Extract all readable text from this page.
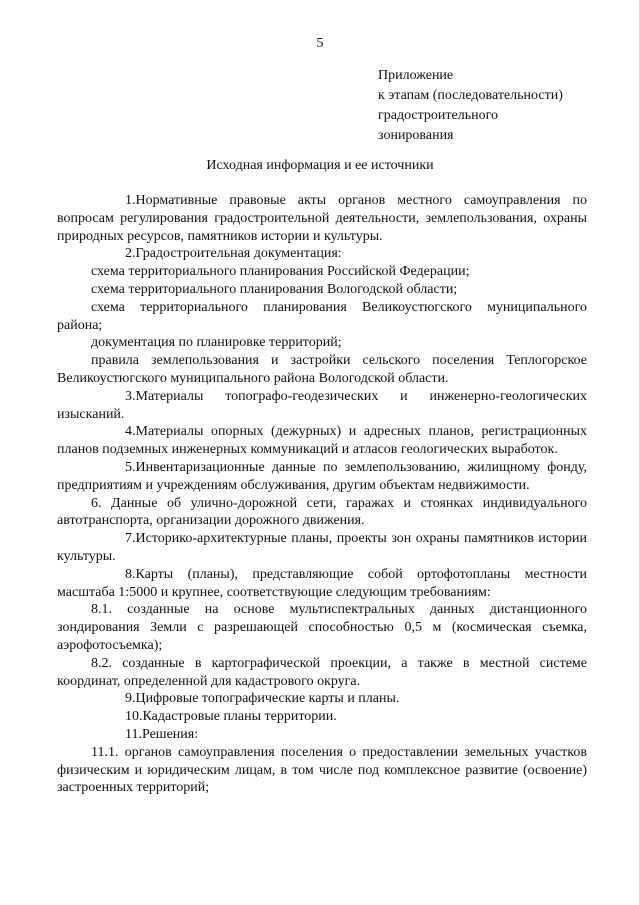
5
Приложение
к этапам (последовательности)
градостроительного
зонирования
Исходная информация и ее источники

1.Нормативные правовые акты органов местного самоуправления по вопросам регулирования градостроительной деятельности, землепользования, охраны природных ресурсов, памятников истории и культуры.

2.Градостроительная документация:

схема территориального планирования Российской Федерации;

схема территориального планирования Вологодской области;

схема территориального планирования Великоустюгского муниципального района;

документация по планировке территорий;

правила землепользования и застройки сельского поселения Теплогорское Великоустюгского муниципального района Вологодской области.

3.Материалы топографо-геодезических и инженерно-геологических изысканий.

4.Материалы опорных (дежурных) и адресных планов, регистрационных планов подземных инженерных коммуникаций и атласов геологических выработок.

5.Инвентаризационные данные по землепользованию, жилищному фонду, предприятиям и учреждениям обслуживания, другим объектам недвижимости.

6. Данные об улично-дорожной сети, гаражах и стоянках индивидуального автотранспорта, организации дорожного движения.

7.Историко-архитектурные планы, проекты зон охраны памятников истории культуры.

8.Карты (планы), представляющие собой ортофотопланы местности масштаба 1:5000 и крупнее, соответствующие следующим требованиям:

8.1. созданные на основе мультиспектральных данных дистанционного зондирования Земли с разрешающей способностью 0,5 м (космическая съемка, аэрофотосъемка);

8.2. созданные в картографической проекции, а также в местной системе координат, определенной для кадастрового округа.

9.Цифровые топографические карты и планы.

10.Кадастровые планы территории.

11.Решения:

11.1. органов самоуправления поселения о предоставлении земельных участков физическим и юридическим лицам, в том числе под комплексное развитие (освоение) застроенных территорий;
